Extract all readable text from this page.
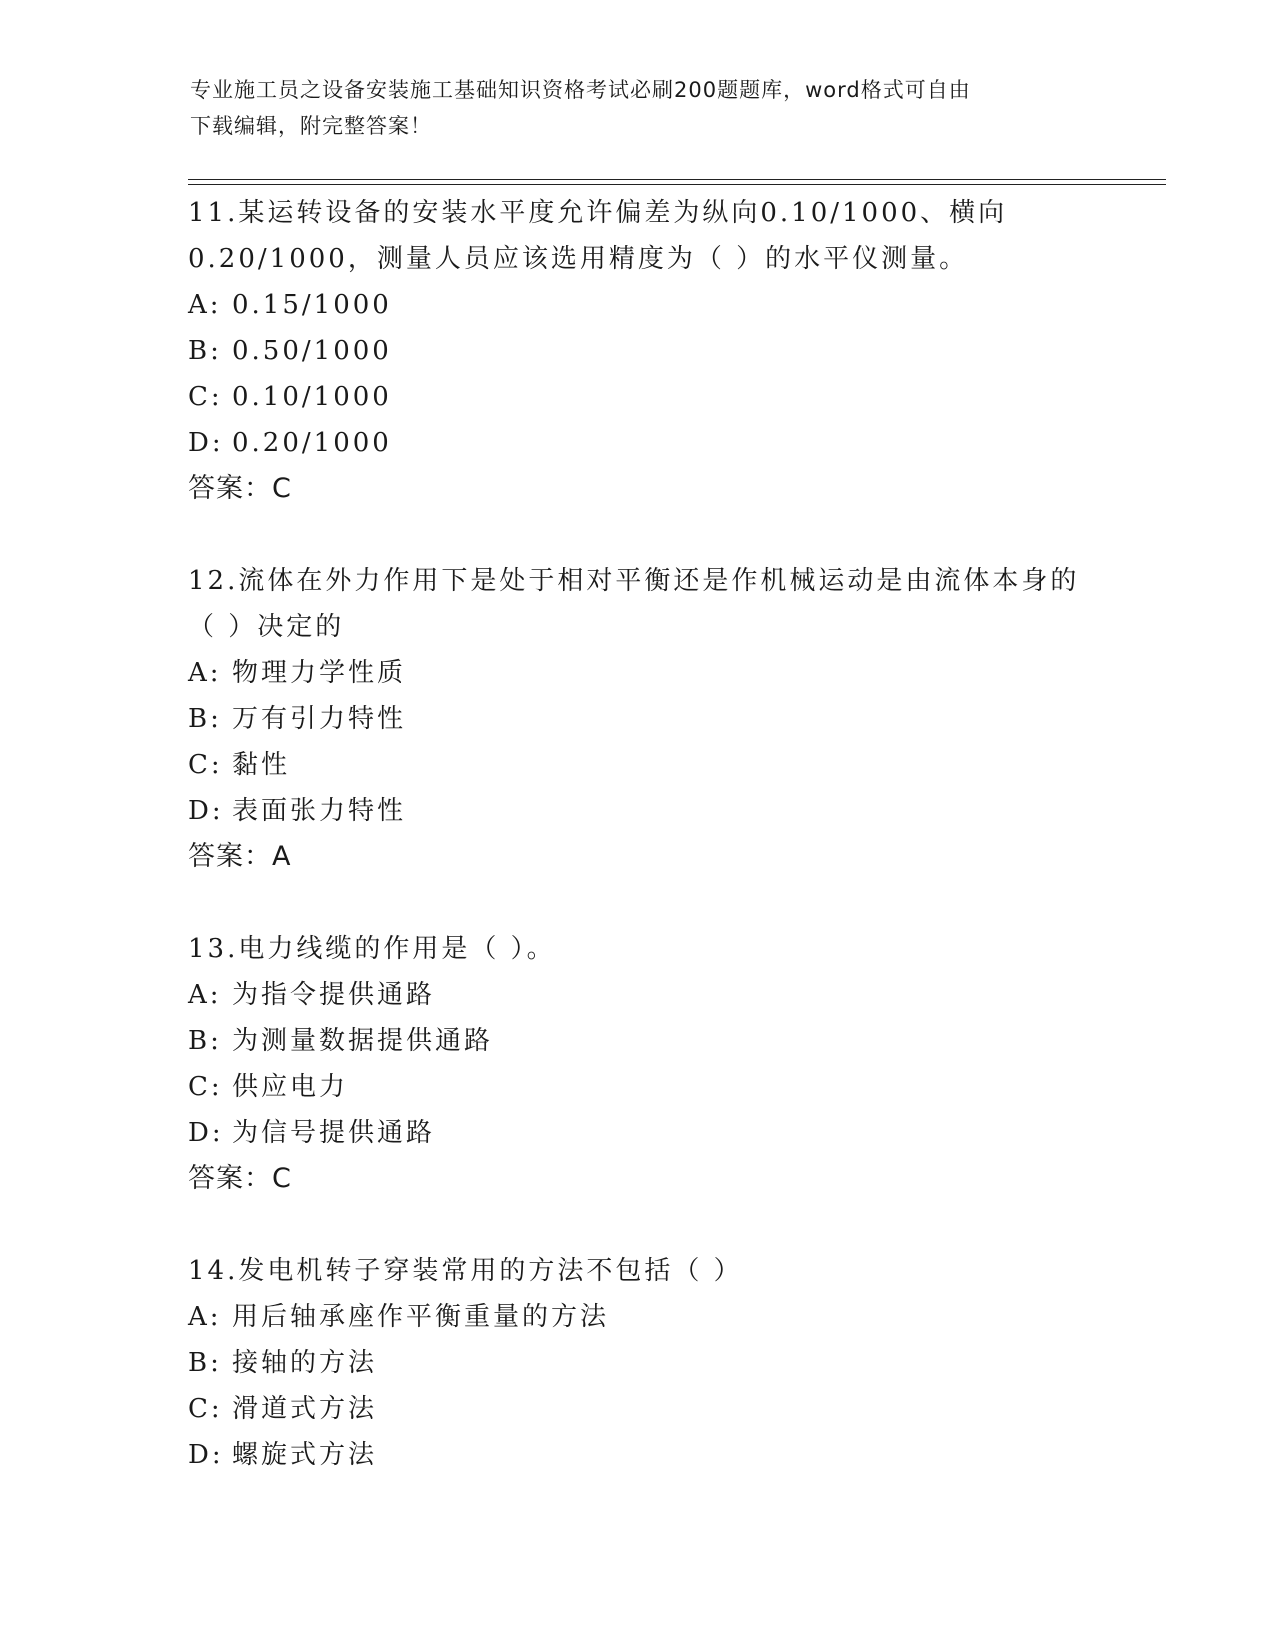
专业施工员之设备安装施工基础知识资格考试必刷200题题库，word格式可自由
下载编辑，附完整答案！
11.某运转设备的安装水平度允许偏差为纵向0.10/1000、横向
0.20/1000，测量人员应该选用精度为（ ）的水平仪测量。
A: 0.15/1000
B: 0.50/1000
C: 0.10/1000
D: 0.20/1000
答案：C
12.流体在外力作用下是处于相对平衡还是作机械运动是由流体本身的
（ ）决定的
A: 物理力学性质
B: 万有引力特性
C: 黏性
D: 表面张力特性
答案：A
13.电力线缆的作用是（ ）。
A: 为指令提供通路
B: 为测量数据提供通路
C: 供应电力
D: 为信号提供通路
答案：C
14.发电机转子穿装常用的方法不包括（ ）
A: 用后轴承座作平衡重量的方法
B: 接轴的方法
C: 滑道式方法
D: 螺旋式方法
